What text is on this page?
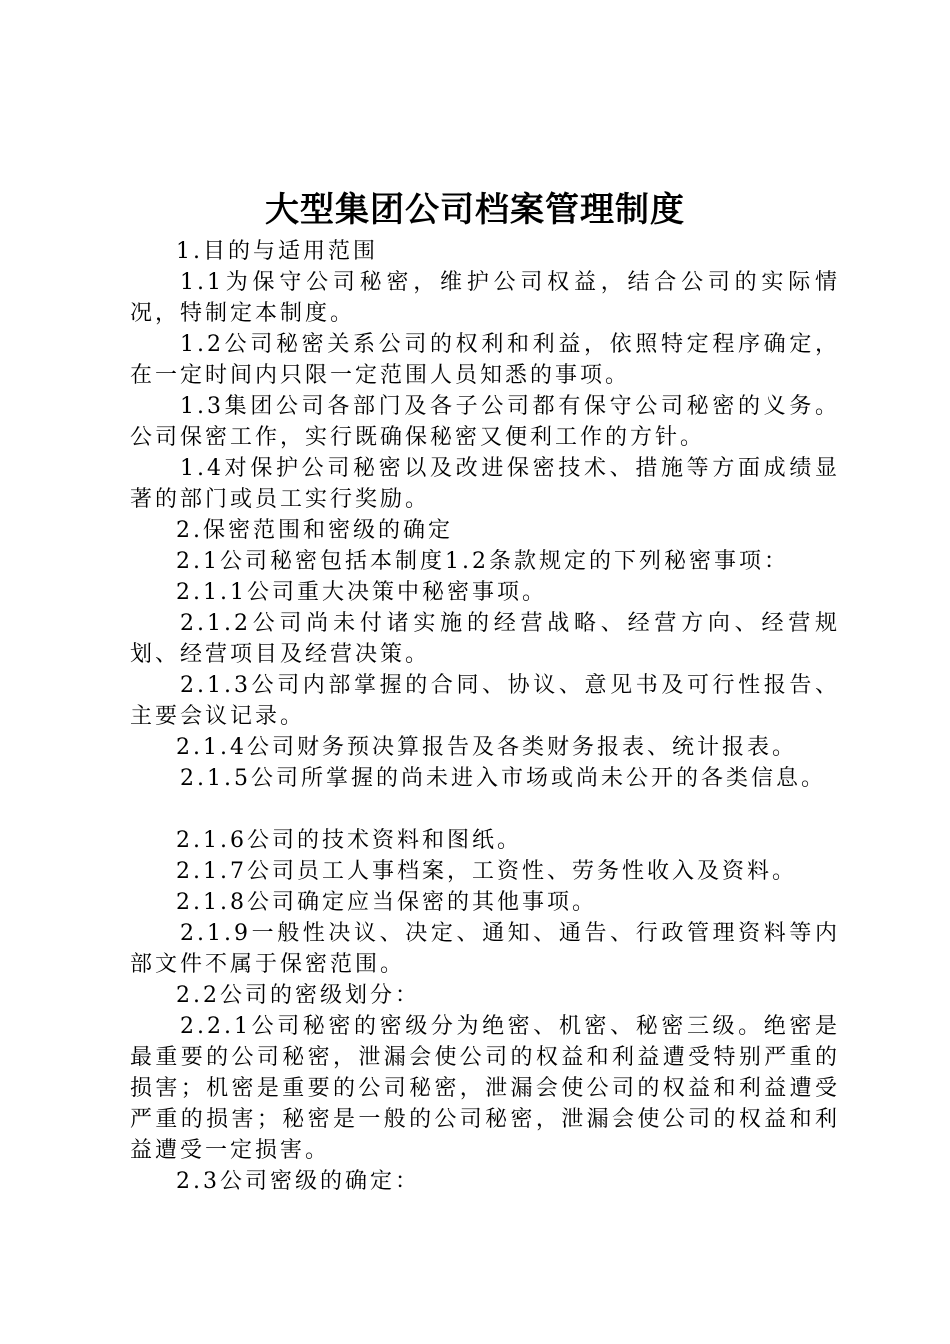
大型集团公司档案管理制度

1.目的与适用范围

1.1为保守公司秘密，维护公司权益，结合公司的实际情况，特制定本制度。

1.2公司秘密关系公司的权利和利益，依照特定程序确定，在一定时间内只限一定范围人员知悉的事项。

1.3集团公司各部门及各子公司都有保守公司秘密的义务。公司保密工作，实行既确保秘密又便利工作的方针。

1.4对保护公司秘密以及改进保密技术、措施等方面成绩显著的部门或员工实行奖励。

2.保密范围和密级的确定

2.1公司秘密包括本制度1.2条款规定的下列秘密事项：

2.1.1公司重大决策中秘密事项。

2.1.2公司尚未付诸实施的经营战略、经营方向、经营规划、经营项目及经营决策。

2.1.3公司内部掌握的合同、协议、意见书及可行性报告、主要会议记录。

2.1.4公司财务预决算报告及各类财务报表、统计报表。

2.1.5公司所掌握的尚未进入市场或尚未公开的各类信息。

2.1.6公司的技术资料和图纸。

2.1.7公司员工人事档案，工资性、劳务性收入及资料。

2.1.8公司确定应当保密的其他事项。

2.1.9一般性决议、决定、通知、通告、行政管理资料等内部文件不属于保密范围。

2.2公司的密级划分：

2.2.1公司秘密的密级分为绝密、机密、秘密三级。绝密是最重要的公司秘密，泄漏会使公司的权益和利益遭受特别严重的损害；机密是重要的公司秘密，泄漏会使公司的权益和利益遭受严重的损害；秘密是一般的公司秘密，泄漏会使公司的权益和利益遭受一定损害。

2.3公司密级的确定：
